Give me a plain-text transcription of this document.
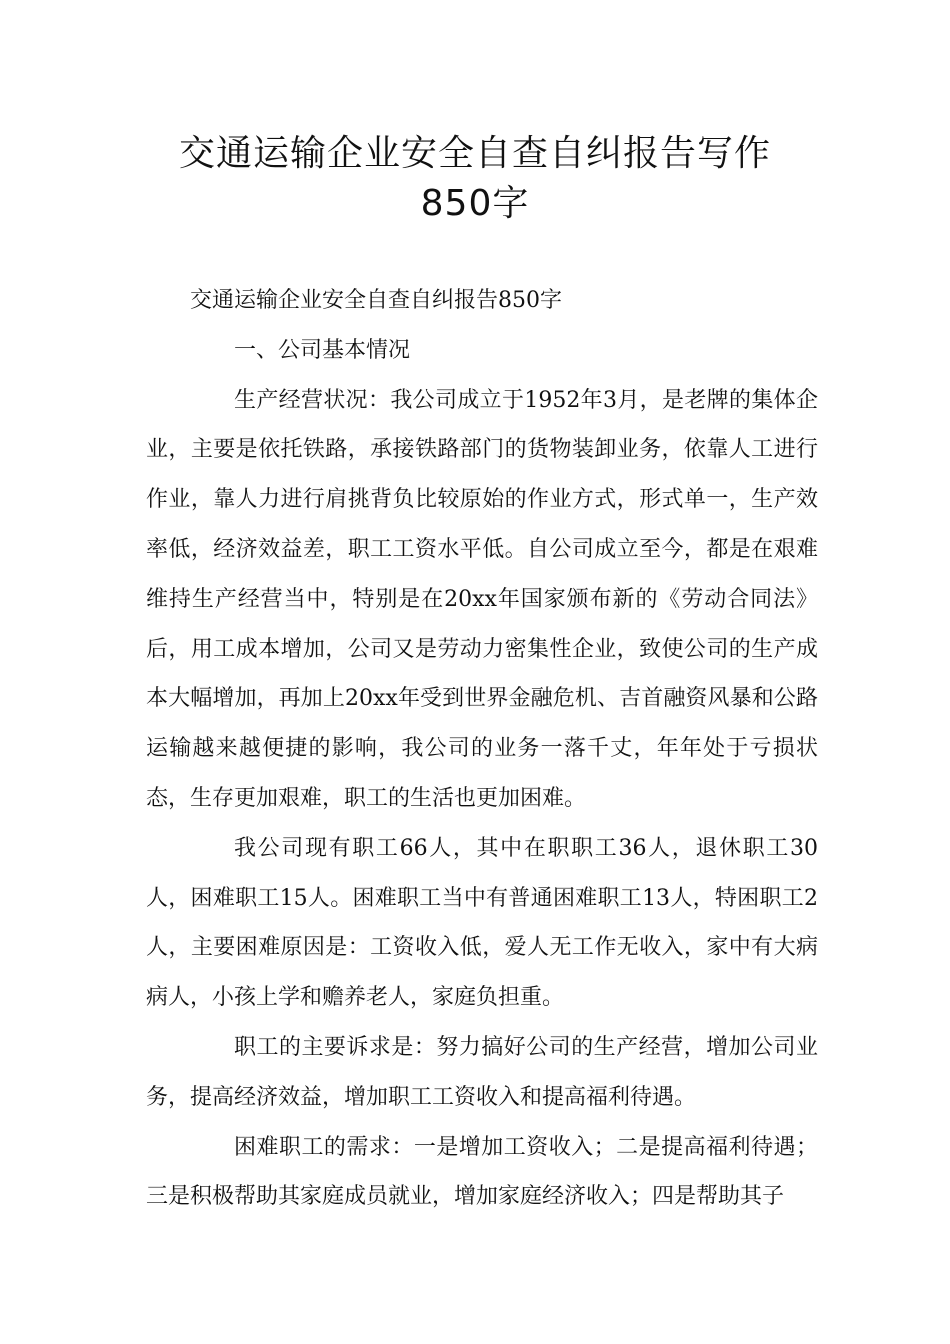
交通运输企业安全自查自纠报告写作
850字

交通运输企业安全自查自纠报告850字

一、公司基本情况

生产经营状况：我公司成立于1952年3月，是老牌的集体企业，主要是依托铁路，承接铁路部门的货物装卸业务，依靠人工进行作业，靠人力进行肩挑背负比较原始的作业方式，形式单一，生产效率低，经济效益差，职工工资水平低。自公司成立至今，都是在艰难维持生产经营当中，特别是在20xx年国家颁布新的《劳动合同法》后，用工成本增加，公司又是劳动力密集性企业，致使公司的生产成本大幅增加，再加上20xx年受到世界金融危机、吉首融资风暴和公路运输越来越便捷的影响，我公司的业务一落千丈，年年处于亏损状态，生存更加艰难，职工的生活也更加困难。

我公司现有职工66人，其中在职职工36人，退休职工30人，困难职工15人。困难职工当中有普通困难职工13人，特困职工2人，主要困难原因是：工资收入低，爱人无工作无收入，家中有大病病人，小孩上学和赡养老人，家庭负担重。

职工的主要诉求是：努力搞好公司的生产经营，增加公司业务，提高经济效益，增加职工工资收入和提高福利待遇。

困难职工的需求：一是增加工资收入；二是提高福利待遇；三是积极帮助其家庭成员就业，增加家庭经济收入；四是帮助其子
